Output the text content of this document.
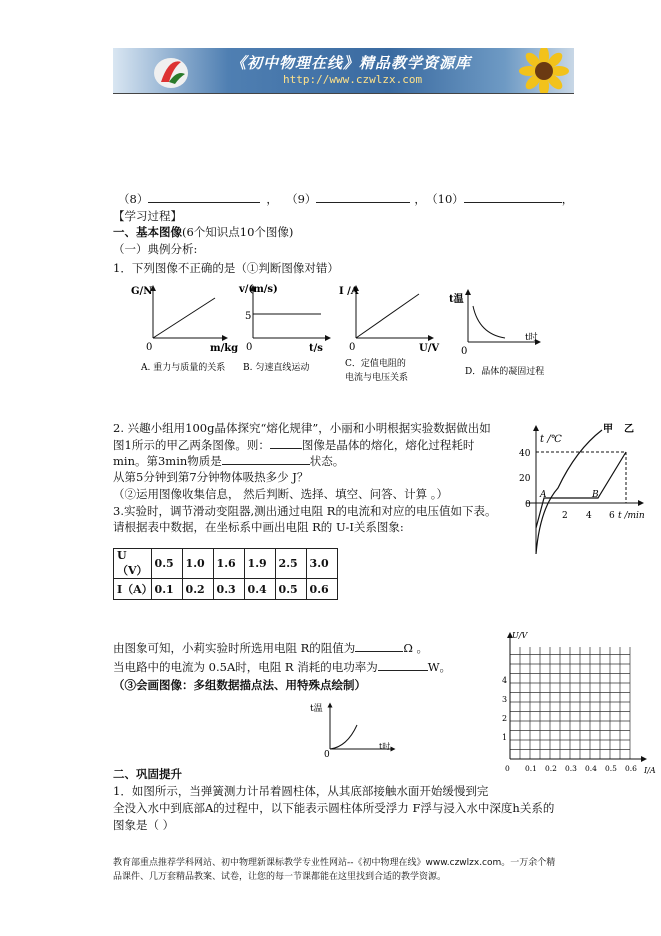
《初中物理在线》精品教学资源库
http://www.czwlzx.com
（8）	， （9）	， （10）	，
【学习过程】
一、基本图像(6个知识点10个图像)
（一）典例分析:
1．下列图像不正确的是（①判断图像对错）
G/N
m/kg
0
A. 重力与质量的关系
v/(m/s)
t/s
5
0
B. 匀速直线运动
I /A
U/V
0
C．定值电阻的
电流与电压关系
t温
t时
0
D．晶体的凝固过程
2. 兴趣小组用100g晶体探究“熔化规律”，小丽和小明根据实验数据做出如
图1所示的甲乙两条图像。则：	图像是晶体的熔化，熔化过程耗时
min。第3min物质是	状态。
从第5分钟到第7分钟物体吸热多少 J？
（②运用图像收集信息， 然后判断、选择、填空、问答、计算 。）
t /℃
t /min
甲 乙
A	B
40
20
0
2 4 6
3.实验时，调节滑动变阻器,测出通过电阻 R的电流和对应的电压值如下表。
请根据表中数据，在坐标系中画出电阻 R的 U-I关系图象:
U（V）	0.5	1.0	1.6	1.9	2.5	3.0
I（A）	0.1	0.2	0.3	0.4	0.5	0.6
由图象可知，小莉实验时所选用电阻 R的阻值为	Ω 。
当电路中的电流为 0.5A时，电阻 R 消耗的电功率为	W。
（③会画图像：多组数据描点法、用特殊点绘制）
t温
t时
0
U/V
I/A
4
3
2
1
0 0.1 0.2 0.3 0.4 0.5 0.6
二、巩固提升
1．如图所示，当弹簧测力计吊着圆柱体，从其底部接触水面开始缓慢到完
全没入水中到底部A的过程中，以下能表示圆柱体所受浮力 F浮与浸入水中深度h关系的
图象是（ ）
教育部重点推荐学科网站、初中物理新课标教学专业性网站--《初中物理在线》www.czwlzx.com。一万余个精品课件、几万套精品教案、试卷，让您的每一节课都能在这里找到合适的教学资源。
